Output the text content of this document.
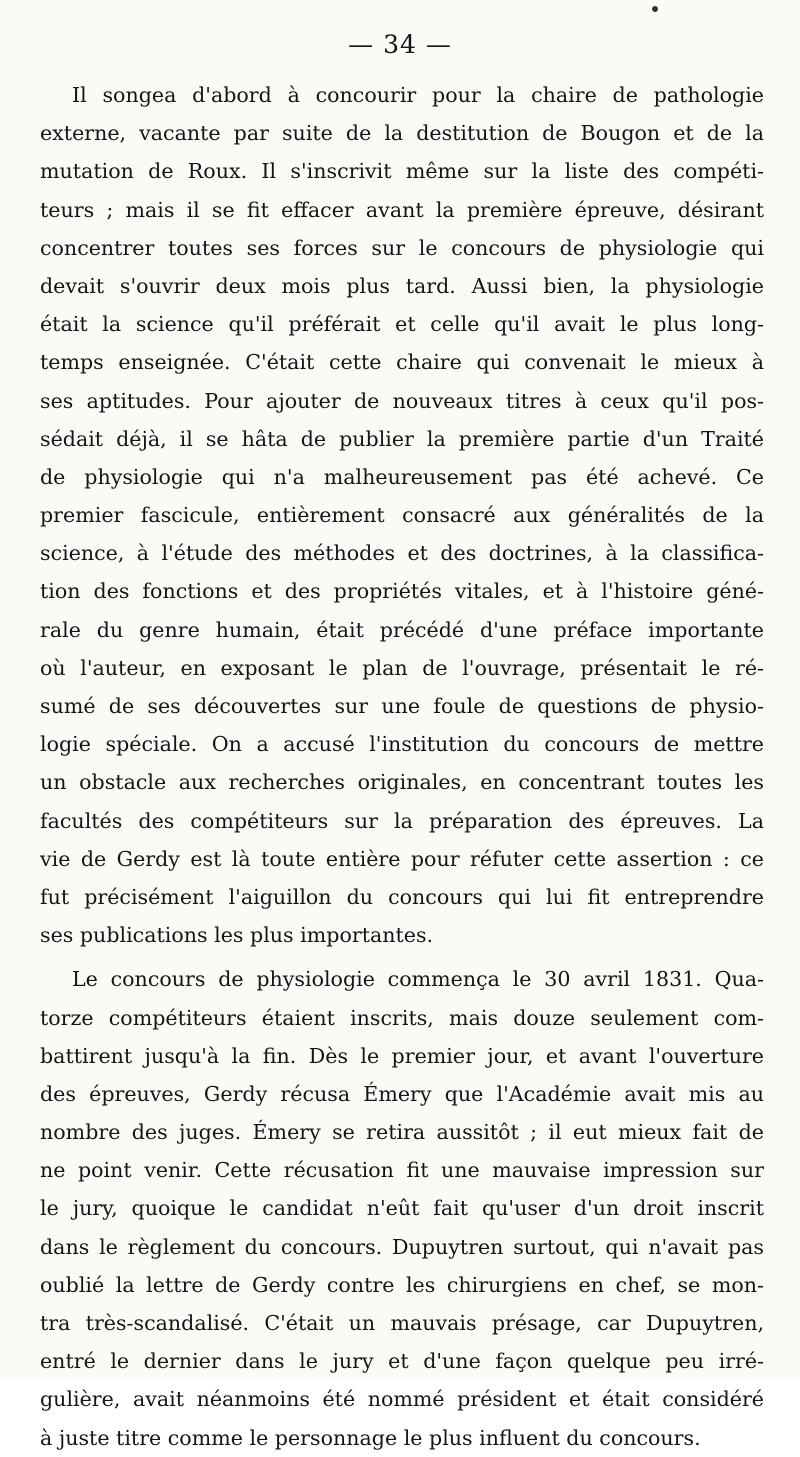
— 34 —
Il songea d'abord à concourir pour la chaire de pathologie
externe, vacante par suite de la destitution de Bougon et de la
mutation de Roux. Il s'inscrivit même sur la liste des compéti-
teurs ; mais il se fit effacer avant la première épreuve, désirant
concentrer toutes ses forces sur le concours de physiologie qui
devait s'ouvrir deux mois plus tard. Aussi bien, la physiologie
était la science qu'il préférait et celle qu'il avait le plus long-
temps enseignée. C'était cette chaire qui convenait le mieux à
ses aptitudes. Pour ajouter de nouveaux titres à ceux qu'il pos-
sédait déjà, il se hâta de publier la première partie d'un Traité
de physiologie qui n'a malheureusement pas été achevé. Ce
premier fascicule, entièrement consacré aux généralités de la
science, à l'étude des méthodes et des doctrines, à la classifica-
tion des fonctions et des propriétés vitales, et à l'histoire géné-
rale du genre humain, était précédé d'une préface importante
où l'auteur, en exposant le plan de l'ouvrage, présentait le ré-
sumé de ses découvertes sur une foule de questions de physio-
logie spéciale. On a accusé l'institution du concours de mettre
un obstacle aux recherches originales, en concentrant toutes les
facultés des compétiteurs sur la préparation des épreuves. La
vie de Gerdy est là toute entière pour réfuter cette assertion : ce
fut précisément l'aiguillon du concours qui lui fit entreprendre
ses publications les plus importantes.
Le concours de physiologie commença le 30 avril 1831. Qua-
torze compétiteurs étaient inscrits, mais douze seulement com-
battirent jusqu'à la fin. Dès le premier jour, et avant l'ouverture
des épreuves, Gerdy récusa Émery que l'Académie avait mis au
nombre des juges. Émery se retira aussitôt ; il eut mieux fait de
ne point venir. Cette récusation fit une mauvaise impression sur
le jury, quoique le candidat n'eût fait qu'user d'un droit inscrit
dans le règlement du concours. Dupuytren surtout, qui n'avait pas
oublié la lettre de Gerdy contre les chirurgiens en chef, se mon-
tra très-scandalisé. C'était un mauvais présage, car Dupuytren,
entré le dernier dans le jury et d'une façon quelque peu irré-
gulière, avait néanmoins été nommé président et était considéré
à juste titre comme le personnage le plus influent du concours.
